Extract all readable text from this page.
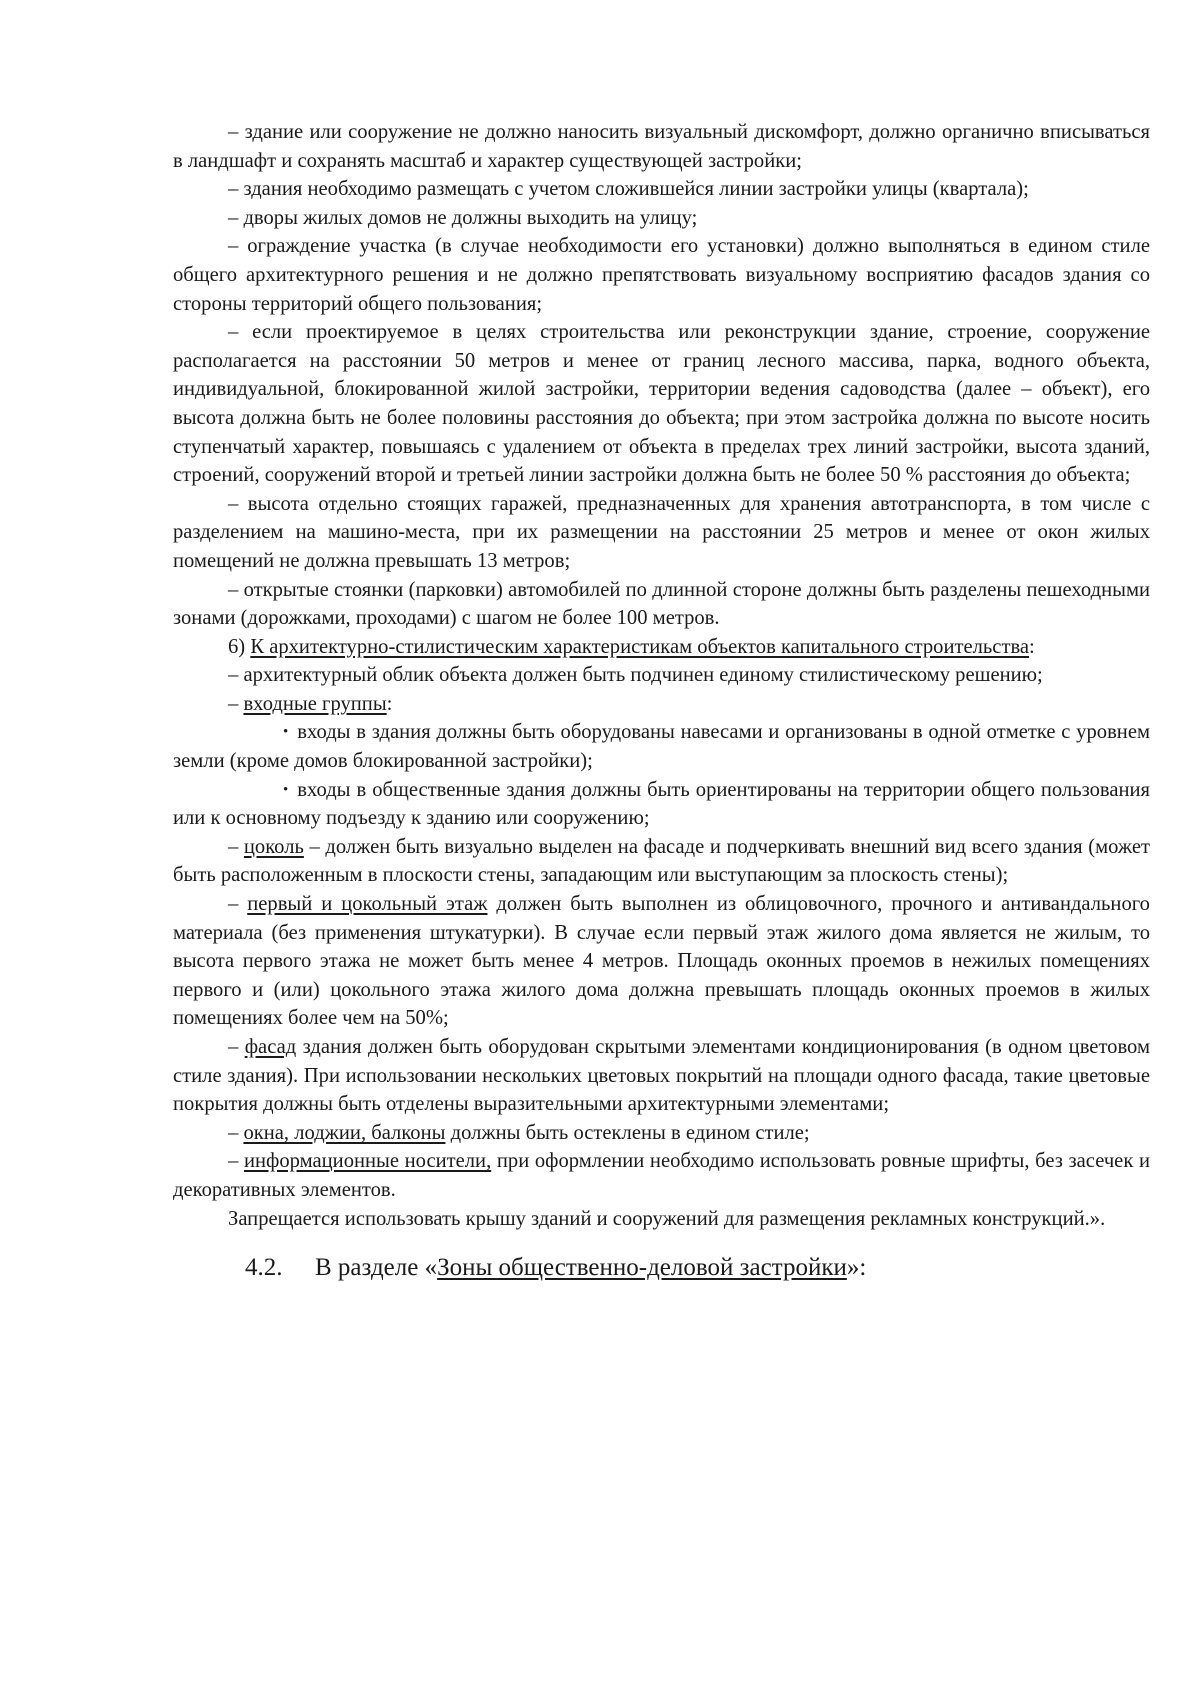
– здание или сооружение не должно наносить визуальный дискомфорт, должно органично вписываться в ландшафт и сохранять масштаб и характер существующей застройки;

– здания необходимо размещать с учетом сложившейся линии застройки улицы (квартала);

– дворы жилых домов не должны выходить на улицу;

– ограждение участка (в случае необходимости его установки) должно выполняться в едином стиле общего архитектурного решения и не должно препятствовать визуальному восприятию фасадов здания со стороны территорий общего пользования;

– если проектируемое в целях строительства или реконструкции здание, строение, сооружение располагается на расстоянии 50 метров и менее от границ лесного массива, парка, водного объекта, индивидуальной, блокированной жилой застройки, территории ведения садоводства (далее – объект), его высота должна быть не более половины расстояния до объекта; при этом застройка должна по высоте носить ступенчатый характер, повышаясь с удалением от объекта в пределах трех линий застройки, высота зданий, строений, сооружений второй и третьей линии застройки должна быть не более 50 % расстояния до объекта;

– высота отдельно стоящих гаражей, предназначенных для хранения автотранспорта, в том числе с разделением на машино-места, при их размещении на расстоянии 25 метров и менее от окон жилых помещений не должна превышать 13 метров;

– открытые стоянки (парковки) автомобилей по длинной стороне должны быть разделены пешеходными зонами (дорожками, проходами) с шагом не более 100 метров.

6) К архитектурно-стилистическим характеристикам объектов капитального строительства:

– архитектурный облик объекта должен быть подчинен единому стилистическому решению;

– входные группы:

• входы в здания должны быть оборудованы навесами и организованы в одной отметке с уровнем земли (кроме домов блокированной застройки);

• входы в общественные здания должны быть ориентированы на территории общего пользования или к основному подъезду к зданию или сооружению;

– цоколь – должен быть визуально выделен на фасаде и подчеркивать внешний вид всего здания (может быть расположенным в плоскости стены, западающим или выступающим за плоскость стены);

– первый и цокольный этаж должен быть выполнен из облицовочного, прочного и антивандального материала (без применения штукатурки). В случае если первый этаж жилого дома является не жилым, то высота первого этажа не может быть менее 4 метров. Площадь оконных проемов в нежилых помещениях первого и (или) цокольного этажа жилого дома должна превышать площадь оконных проемов в жилых помещениях более чем на 50%;

– фасад здания должен быть оборудован скрытыми элементами кондиционирования (в одном цветовом стиле здания). При использовании нескольких цветовых покрытий на площади одного фасада, такие цветовые покрытия должны быть отделены выразительными архитектурными элементами;

– окна, лоджии, балконы должны быть остеклены в едином стиле;

– информационные носители, при оформлении необходимо использовать ровные шрифты, без засечек и декоративных элементов.

Запрещается использовать крышу зданий и сооружений для размещения рекламных конструкций.».

4.2. В разделе «Зоны общественно-деловой застройки»:
